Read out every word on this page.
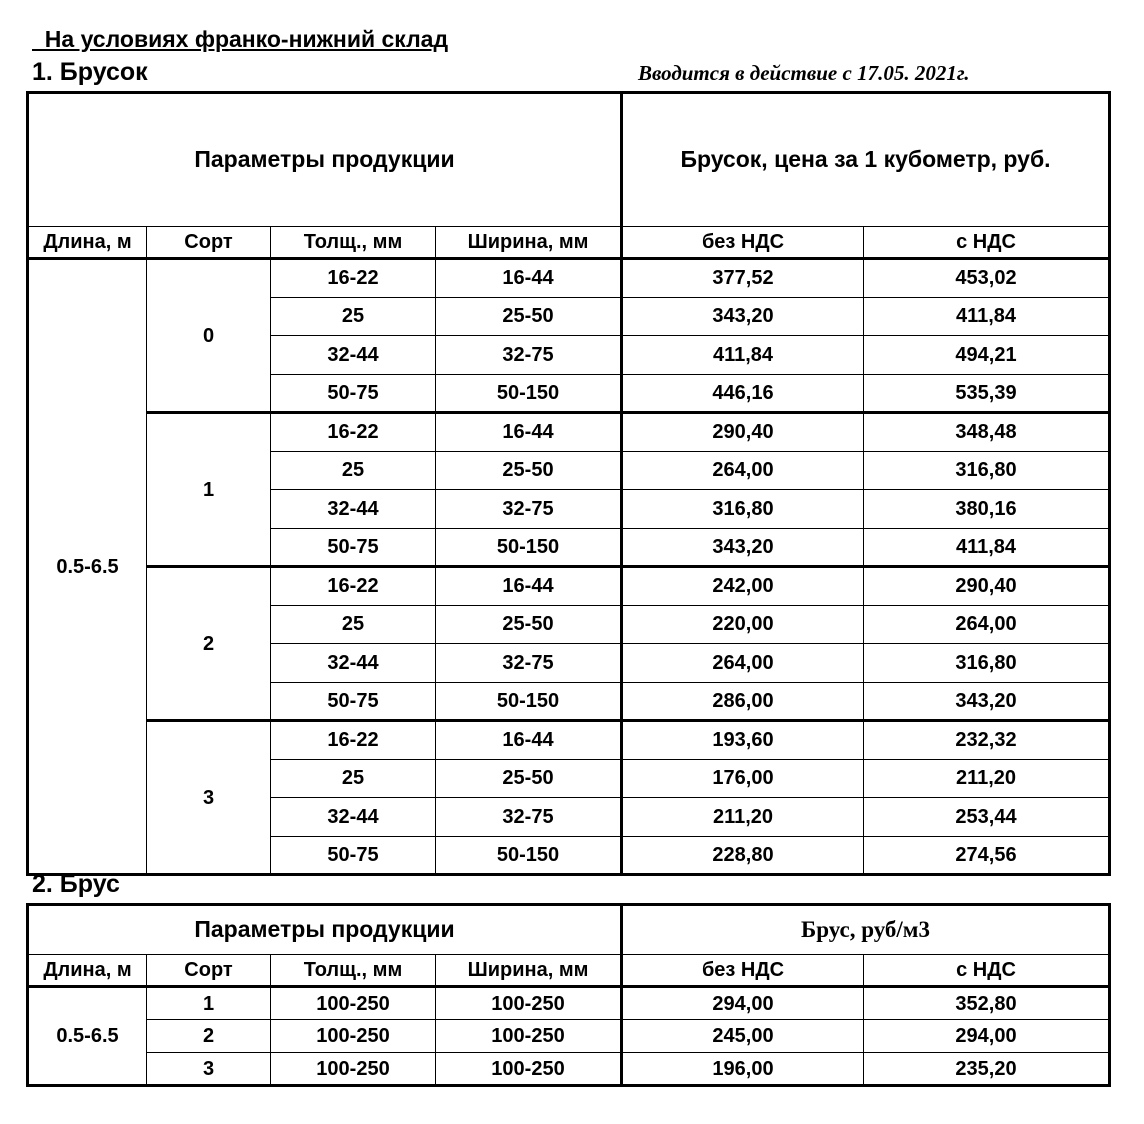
На условиях франко-нижний склад
1. Брусок	Вводится в действие с 17.05. 2021г.
Параметры продукции				Брусок, цена за 1 кубометр, руб.	
Длина, м	Сорт	Толщ., мм	Ширина, мм	без НДС	с НДС
0.5-6.5	0	16-22	16-44	377,52	453,02
		25	25-50	343,20	411,84
		32-44	32-75	411,84	494,21
		50-75	50-150	446,16	535,39
	1	16-22	16-44	290,40	348,48
		25	25-50	264,00	316,80
		32-44	32-75	316,80	380,16
		50-75	50-150	343,20	411,84
	2	16-22	16-44	242,00	290,40
		25	25-50	220,00	264,00
		32-44	32-75	264,00	316,80
		50-75	50-150	286,00	343,20
	3	16-22	16-44	193,60	232,32
		25	25-50	176,00	211,20
		32-44	32-75	211,20	253,44
		50-75	50-150	228,80	274,56
2. Брус
Параметры продукции				Брус, руб/м3	
Длина, м	Сорт	Толщ., мм	Ширина, мм	без НДС	с НДС
0.5-6.5	1	100-250	100-250	294,00	352,80
	2	100-250	100-250	245,00	294,00
	3	100-250	100-250	196,00	235,20
